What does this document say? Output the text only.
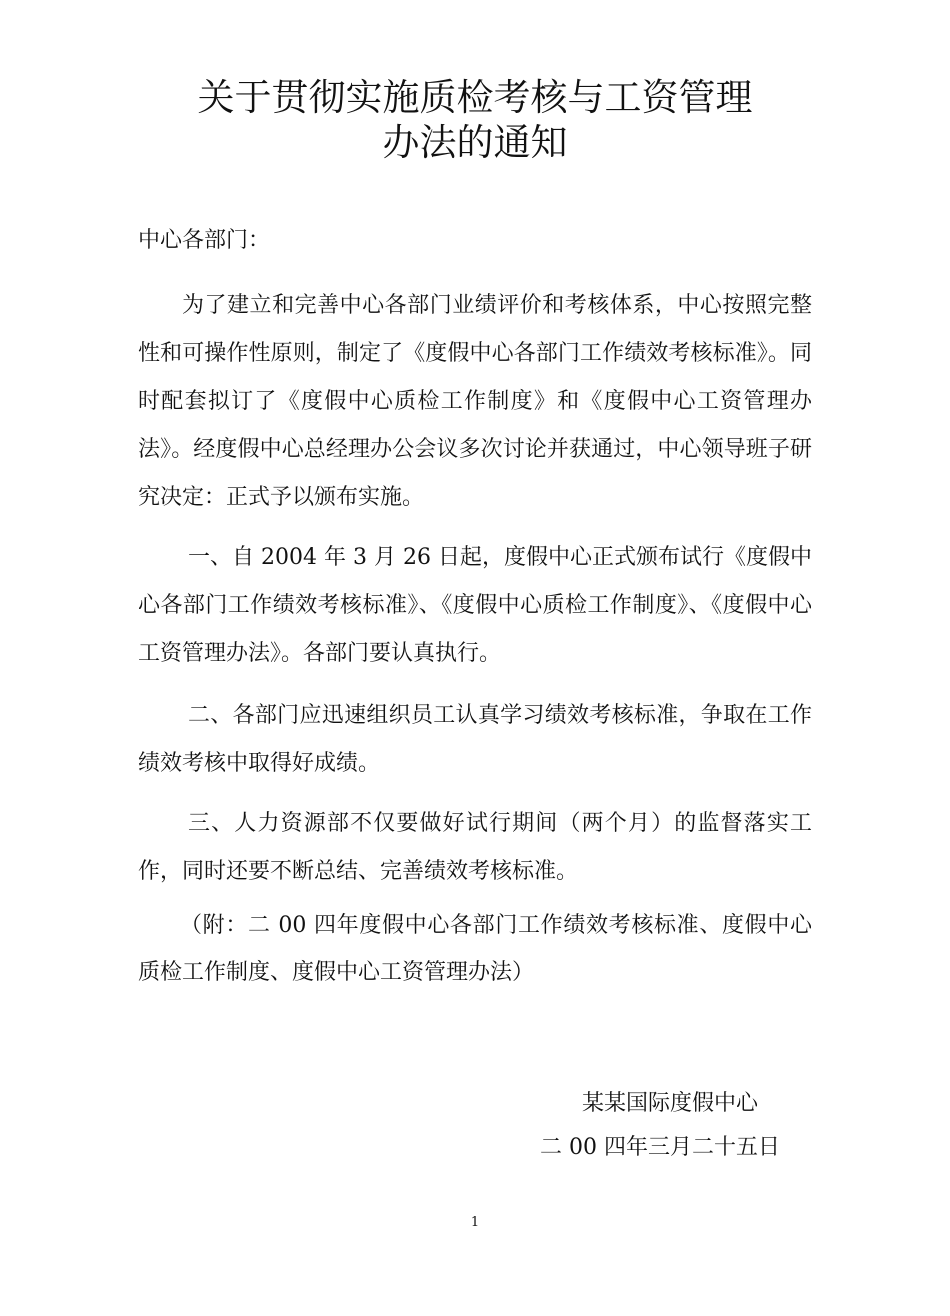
关于贯彻实施质检考核与工资管理
办法的通知
中心各部门：
为了建立和完善中心各部门业绩评价和考核体系，中心按照完整性和可操作性原则，制定了《度假中心各部门工作绩效考核标准》。同时配套拟订了《度假中心质检工作制度》和《度假中心工资管理办法》。经度假中心总经理办公会议多次讨论并获通过，中心领导班子研究决定：正式予以颁布实施。
一、自 2004 年 3 月 26 日起，度假中心正式颁布试行《度假中心各部门工作绩效考核标准》、《度假中心质检工作制度》、《度假中心工资管理办法》。各部门要认真执行。
二、各部门应迅速组织员工认真学习绩效考核标准，争取在工作绩效考核中取得好成绩。
三、人力资源部不仅要做好试行期间（两个月）的监督落实工作，同时还要不断总结、完善绩效考核标准。
（附：二 00 四年度假中心各部门工作绩效考核标准、度假中心质检工作制度、度假中心工资管理办法）
某某国际度假中心
二 00 四年三月二十五日
1
